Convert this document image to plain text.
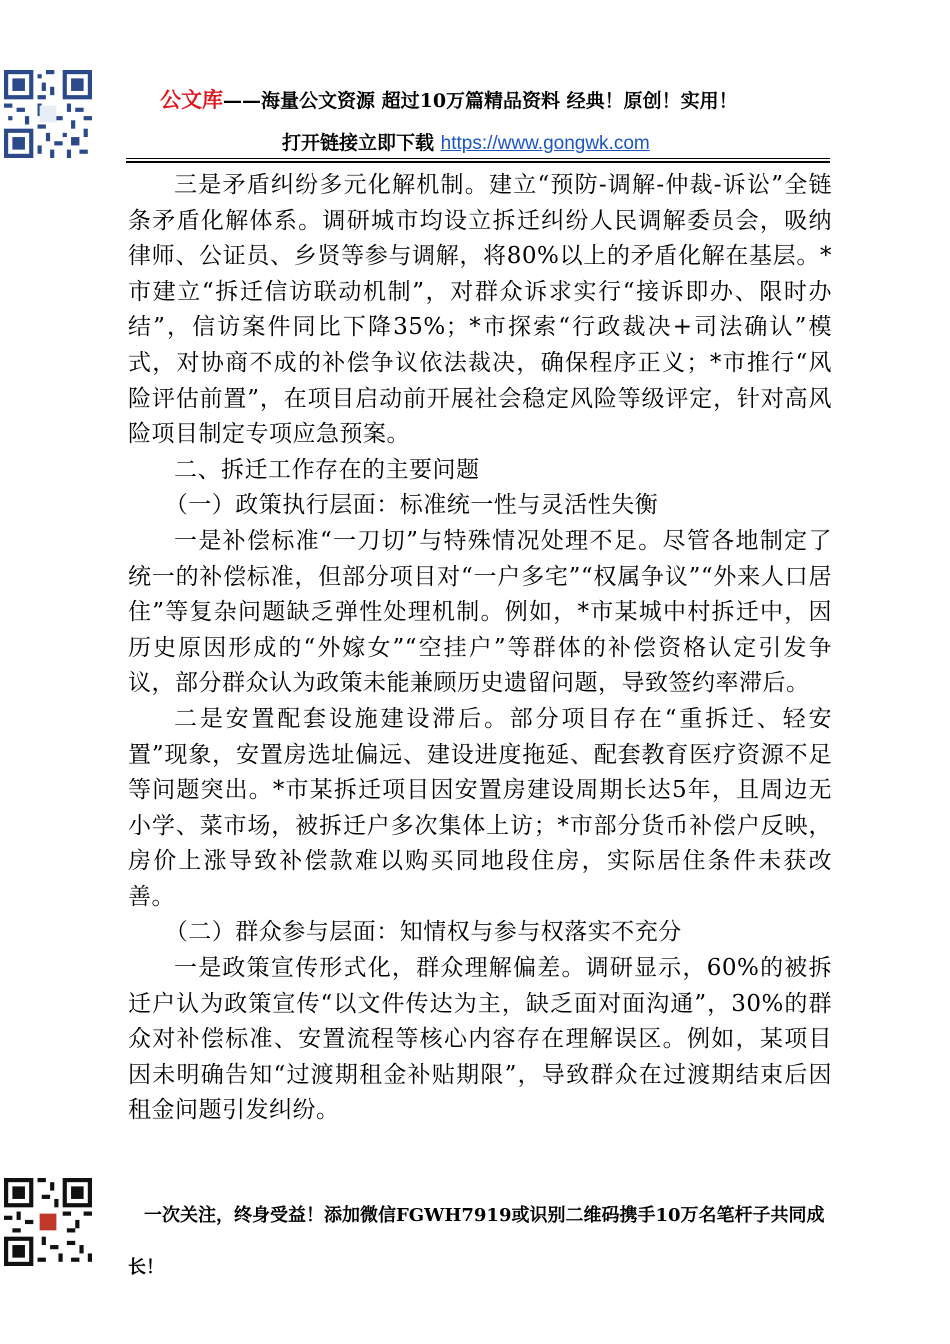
公文库——海量公文资源 超过10万篇精品资料 经典！原创！实用！
打开链接立即下载 https://www.gongwk.com

三是矛盾纠纷多元化解机制。建立“预防-调解-仲裁-诉讼”全链条矛盾化解体系。调研城市均设立拆迁纠纷人民调解委员会，吸纳律师、公证员、乡贤等参与调解，将80%以上的矛盾化解在基层。*市建立“拆迁信访联动机制”，对群众诉求实行“接诉即办、限时办结”，信访案件同比下降35%；*市探索“行政裁决+司法确认”模式，对协商不成的补偿争议依法裁决，确保程序正义；*市推行“风险评估前置”，在项目启动前开展社会稳定风险等级评定，针对高风险项目制定专项应急预案。

二、拆迁工作存在的主要问题

（一）政策执行层面：标准统一性与灵活性失衡

一是补偿标准“一刀切”与特殊情况处理不足。尽管各地制定了统一的补偿标准，但部分项目对“一户多宅”“权属争议”“外来人口居住”等复杂问题缺乏弹性处理机制。例如，*市某城中村拆迁中，因历史原因形成的“外嫁女”“空挂户”等群体的补偿资格认定引发争议，部分群众认为政策未能兼顾历史遗留问题，导致签约率滞后。

二是安置配套设施建设滞后。部分项目存在“重拆迁、轻安置”现象，安置房选址偏远、建设进度拖延、配套教育医疗资源不足等问题突出。*市某拆迁项目因安置房建设周期长达5年，且周边无小学、菜市场，被拆迁户多次集体上访；*市部分货币补偿户反映，房价上涨导致补偿款难以购买同地段住房，实际居住条件未获改善。

（二）群众参与层面：知情权与参与权落实不充分

一是政策宣传形式化，群众理解偏差。调研显示，60%的被拆迁户认为政策宣传“以文件传达为主，缺乏面对面沟通”，30%的群众对补偿标准、安置流程等核心内容存在理解误区。例如，某项目因未明确告知“过渡期租金补贴期限”，导致群众在过渡期结束后因租金问题引发纠纷。

一次关注，终身受益！添加微信FGWH7919或识别二维码携手10万名笔杆子共同成长！
